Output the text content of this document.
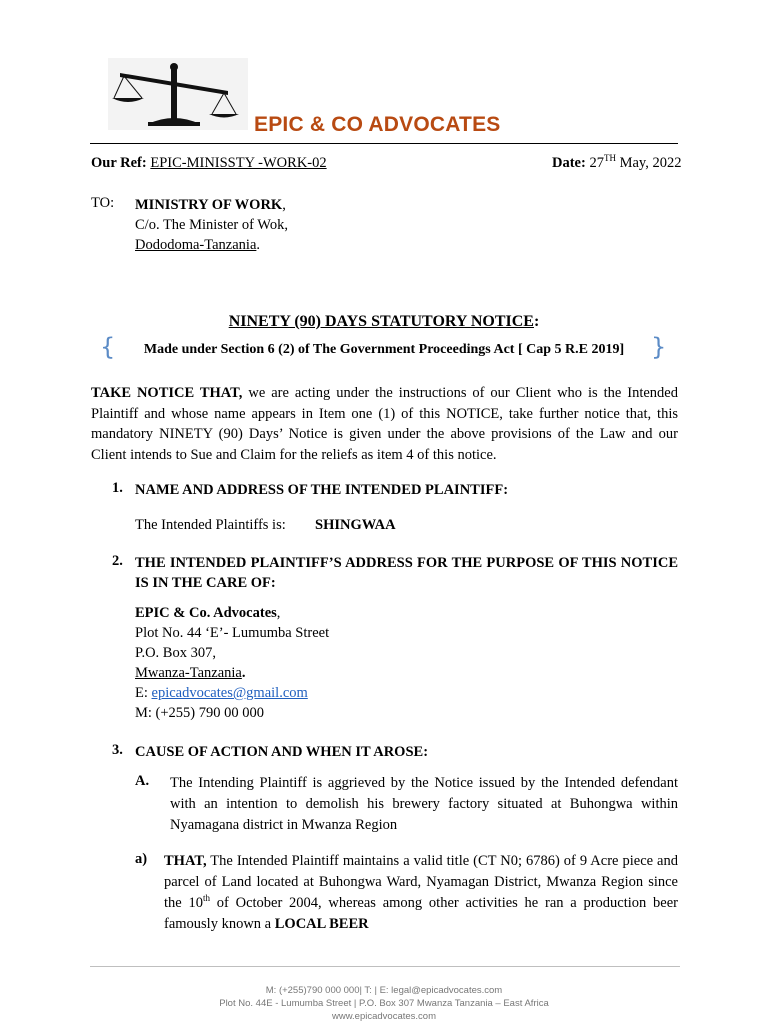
EPIC & CO ADVOCATES
Our Ref: EPIC-MINISSTY -WORK-02	Date: 27TH May, 2022
TO: MINISTRY OF WORK,
C/o. The Minister of Wok,
Dododoma-Tanzania.
NINETY (90) DAYS STATUTORY NOTICE:
{	Made under Section 6 (2) of The Government Proceedings Act [ Cap 5 R.E 2019]	}
TAKE NOTICE THAT, we are acting under the instructions of our Client who is the Intended Plaintiff and whose name appears in Item one (1) of this NOTICE, take further notice that, this mandatory NINETY (90) Days’ Notice is given under the above provisions of the Law and our Client intends to Sue and Claim for the reliefs as item 4 of this notice.
1. NAME AND ADDRESS OF THE INTENDED PLAINTIFF:
The Intended Plaintiffs is: SHINGWAA
2. THE INTENDED PLAINTIFF’S ADDRESS FOR THE PURPOSE OF THIS NOTICE IS IN THE CARE OF:
EPIC & Co. Advocates,
Plot No. 44 ‘E’- Lumumba Street
P.O. Box 307,
Mwanza-Tanzania.
E: epicadvocates@gmail.com
M: (+255) 790 00 000
3. CAUSE OF ACTION AND WHEN IT AROSE:
A. The Intending Plaintiff is aggrieved by the Notice issued by the Intended defendant with an intention to demolish his brewery factory situated at Buhongwa within Nyamagana district in Mwanza Region
a) THAT, The Intended Plaintiff maintains a valid title (CT N0; 6786) of 9 Acre piece and parcel of Land located at Buhongwa Ward, Nyamagan District, Mwanza Region since the 10th of October 2004, whereas among other activities he ran a production beer famously known a LOCAL BEER
M: (+255)790 000 000| T: | E: legal@epicadvocates.com
Plot No. 44E - Lumumba Street | P.O. Box 307 Mwanza Tanzania – East Africa
www.epicadvocates.com
